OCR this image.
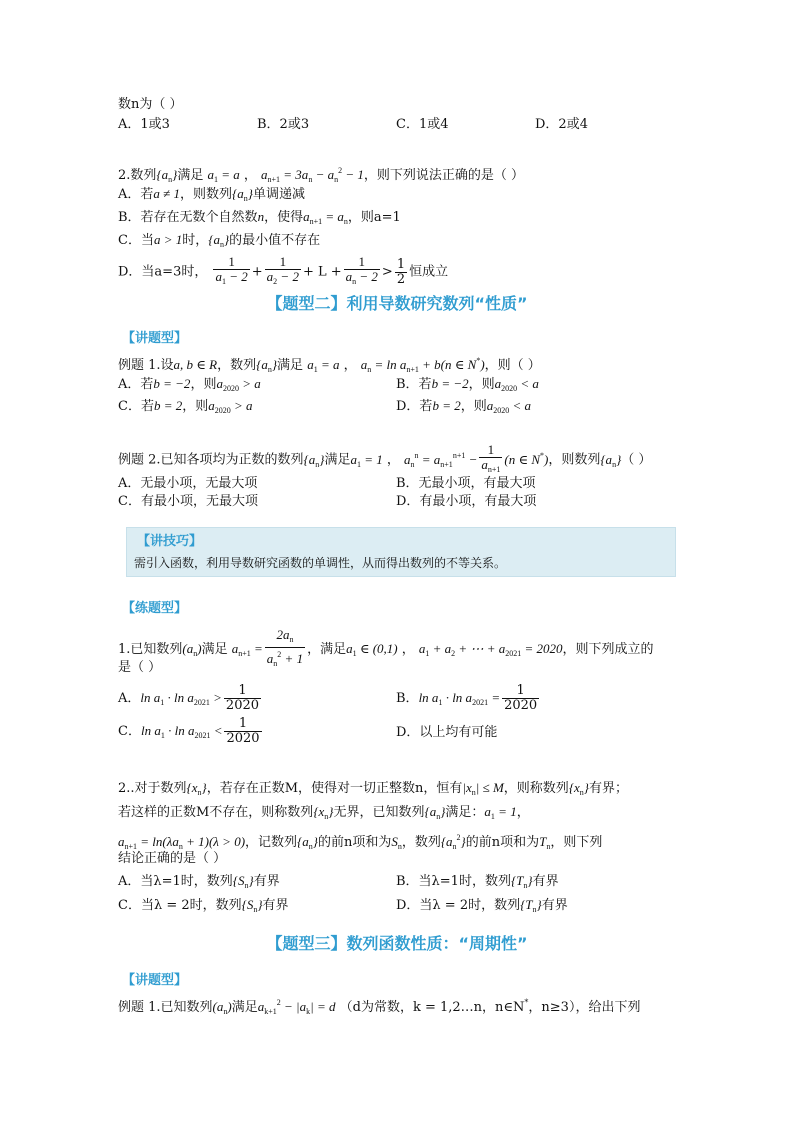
数n为（ ）
A．1或3	B．2或3	C．1或4	D．2或4
2.数列$\{a_n\}$满足 $a_1 = a$ ， $a_{n+1} = 3a_n - a_n^2 - 1$，则下列说法正确的是（ ）
A．若a ≠ 1，则数列$\{a_n\}$单调递减
B．若存在无数个自然数n，使得$a_{n+1} = a_n$，则a=1
C．当a > 1时，$\{a_n\}$的最小值不存在
D．当a=3时， $\frac{1}{a_1 - 2} + \frac{1}{a_2 - 2} + L + \frac{1}{a_n - 2} > \frac{1}{2}$ 恒成立
【题型二】利用导数研究数列“性质”
【讲题型】
例题 1.设a, b ∈ R，数列$\{a_n\}$满足 $a_1 = a$ ， $a_n = \ln a_{n+1} + b(n$ ∈ N*)，则（ ）
A．若b = −2，则$a_{2020} > a$	B．若b = −2，则$a_{2020} < a$
C．若b = 2，则$a_{2020} > a$	D．若b = 2，则$a_{2020} < a$
例题 2.已知各项均为正数的数列$\{a_n\}$满足$a_1 = 1$ ， $a_n^n = a_{n+1}^{n+1} - \frac{1}{a_{n+1}} (n$ ∈ N*)，则数列$\{a_n\}$（ ）
A．无最小项，无最大项	B．无最小项，有最大项
C．有最小项，无最大项	D．有最小项，有最大项
【讲技巧】
需引入函数，利用导数研究函数的单调性，从而得出数列的不等关系。
【练题型】
1.已知数列$(a_n)$满足 $a_{n+1} = \frac{2a_n}{a_n^2 + 1}$ ，满足$a_1$ ∈ (0,1) ， $a_1 + a_2$ + ⋯ + $a_{2021} = 2020$，则下列成立的
是（ ）
A．$\ln a_1 \cdot \ln a_{2021} > \frac{1}{2020}$	B．$\ln a_1 \cdot \ln a_{2021} = \frac{1}{2020}$
C．$\ln a_1 \cdot \ln a_{2021} < \frac{1}{2020}$	D．以上均有可能
2..对于数列$\{x_n\}$，若存在正数M，使得对一切正整数n，恒有$|x_n| \le M$，则称数列$\{x_n\}$有界；
若这样的正数M不存在，则称数列$\{x_n\}$无界，已知数列$\{a_n\}$满足：$a_1 = 1$，
$a_{n+1} = \ln(\lambda a_n + 1)(\lambda > 0)$，记数列$\{a_n\}$的前n项和为$S_n$，数列$\{a_n^2\}$的前n项和为$T_n$，则下列
结论正确的是（ ）
A．当λ=1时，数列$\{S_n\}$有界	B．当λ=1时，数列$\{T_n\}$有界
C．当λ = 2时，数列$\{S_n\}$有界	D．当λ = 2时，数列$\{T_n\}$有界
【题型三】数列函数性质：“周期性”
【讲题型】
例题 1.已知数列$(a_n)$满足$a_{k+1}^2 - |a_k| = d$ （d为常数，k = 1,2…n，n∈N*，n≥3），给出下列
